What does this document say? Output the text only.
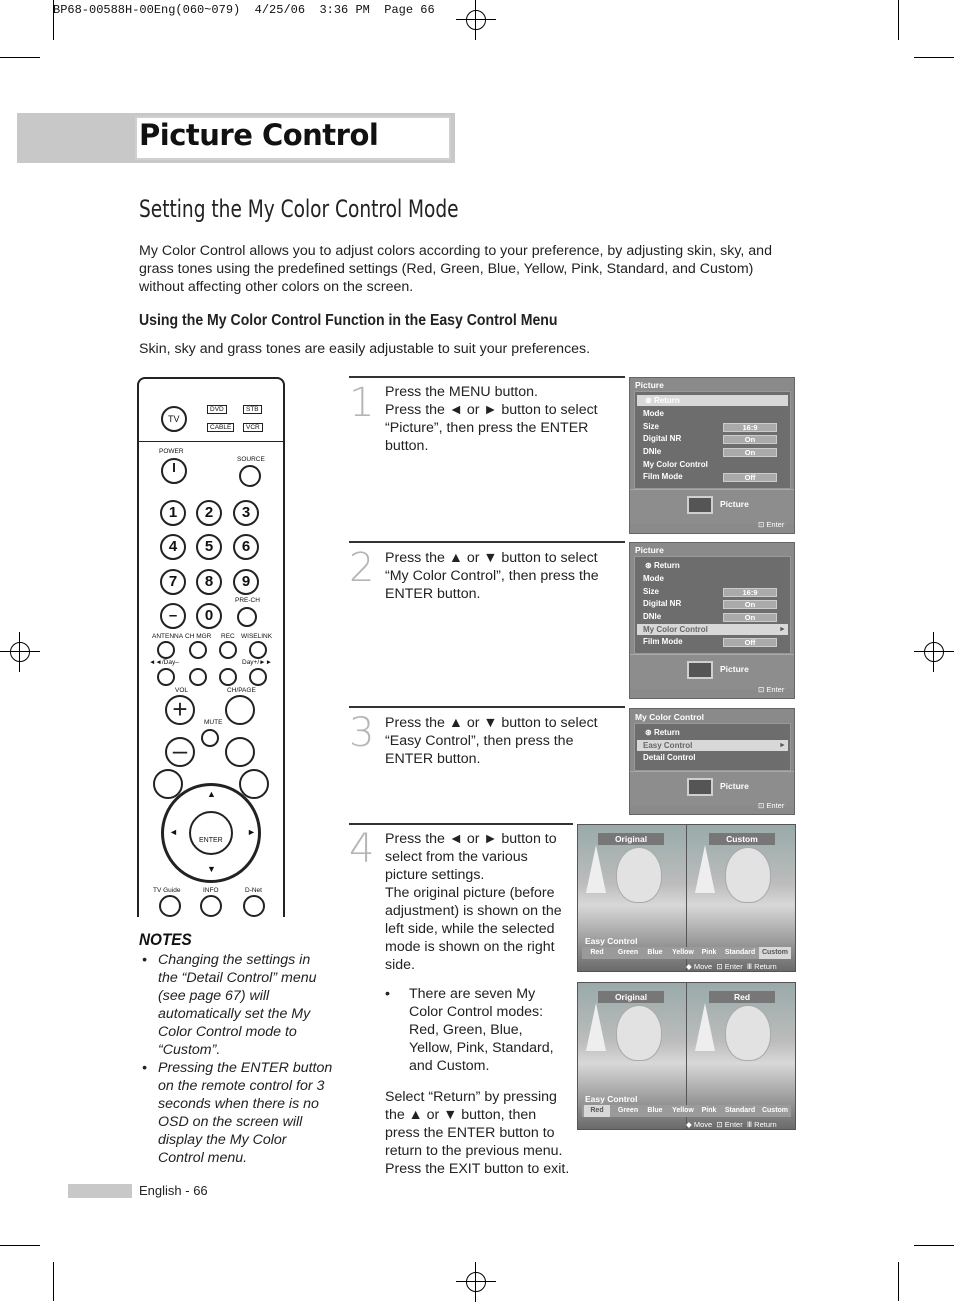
BP68-00588H-00Eng(060~079)  4/25/06  3:36 PM  Page 66
Picture Control
Setting the My Color Control Mode
My Color Control allows you to adjust colors according to your preference, by adjusting skin, sky, and grass tones using the predefined settings (Red, Green, Blue, Yellow, Pink, Standard, and Custom) without affecting other colors on the screen.
Using the My Color Control Function in the Easy Control Menu
Skin, sky and grass tones are easily adjustable to suit your preferences.
TV
DVD	STB
CABLE	VCR
POWER
SOURCE
1	2	3
4	5	6
7	8	9
–	0
PRE-CH
ANTENNA CH MGR REC WISELINK
◄◄/Day–	Day+/►►
VOL	CH/PAGE
+	MUTE
–
ENTER
▲
▼
◄	►
TV Guide	INFO	D-Net
NOTES
• Changing the settings in the “Detail Control” menu (see page 67) will automatically set the My Color Control mode to “Custom”.
• Pressing the ENTER button on the remote control for 3 seconds when there is no OSD on the screen will display the My Color Control menu.
1 Press the MENU button.
Press the ◄ or ► button to select “Picture”, then press the ENTER button.
2 Press the ▲ or ▼ button to select “My Color Control”, then press the ENTER button.
3 Press the ▲ or ▼ button to select “Easy Control”, then press the ENTER button.
4 Press the ◄ or ► button to select from the various picture settings.
The original picture (before adjustment) is shown on the left side, while the selected mode is shown on the right side.
• There are seven My Color Control modes: Red, Green, Blue, Yellow, Pink, Standard, and Custom.
Select “Return” by pressing the ▲ or ▼ button, then press the ENTER button to return to the previous menu.
Press the EXIT button to exit.
Picture
⊛ Return
Mode
Size	16:9
Digital NR	On
DNIe	On
My Color Control
Film Mode	Off
Picture
⊡ Enter
Picture
⊛ Return
Mode
Size	16:9
Digital NR	On
DNIe	On
My Color Control	►
Film Mode	Off
Picture
⊡ Enter
My Color Control
⊛ Return
Easy Control	►
Detail Control
Picture
⊡ Enter
Original	Custom
Easy Control
Red	Green	Blue	Yellow	Pink	Standard Custom
◆ Move ⊡ Enter Ⅲ Return
Original	Red
Easy Control
Red	Green	Blue	Yellow	Pink	Standard Custom
◆ Move ⊡ Enter Ⅲ Return
English - 66
